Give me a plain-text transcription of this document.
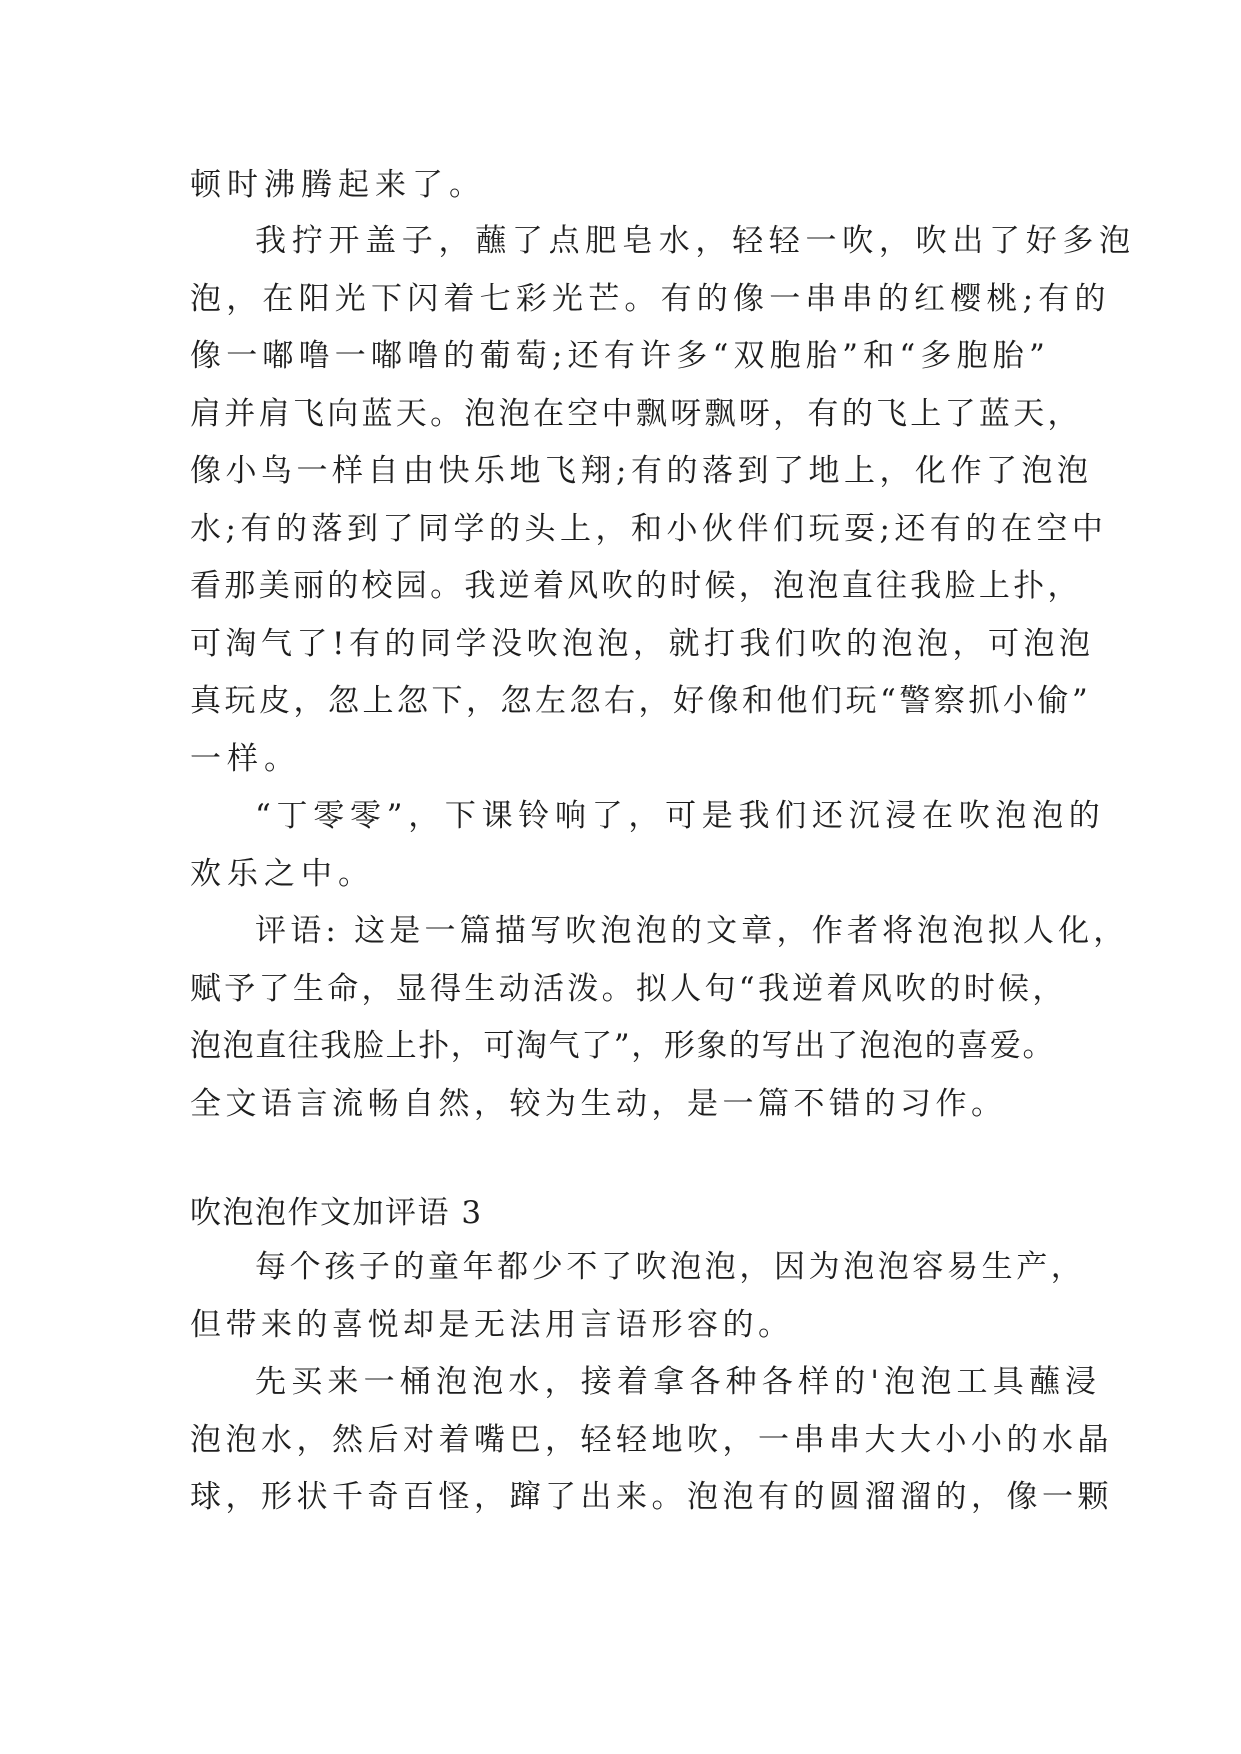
顿时沸腾起来了。
我拧开盖子，蘸了点肥皂水，轻轻一吹，吹出了好多泡
泡，在阳光下闪着七彩光芒。有的像一串串的红樱桃;有的
像一嘟噜一嘟噜的葡萄;还有许多“双胞胎”和“多胞胎”
肩并肩飞向蓝天。泡泡在空中飘呀飘呀，有的飞上了蓝天，
像小鸟一样自由快乐地飞翔;有的落到了地上，化作了泡泡
水;有的落到了同学的头上，和小伙伴们玩耍;还有的在空中
看那美丽的校园。我逆着风吹的时候，泡泡直往我脸上扑，
可淘气了!有的同学没吹泡泡，就打我们吹的泡泡，可泡泡
真玩皮，忽上忽下，忽左忽右，好像和他们玩“警察抓小偷”
一样。
“丁零零”，下课铃响了，可是我们还沉浸在吹泡泡的
欢乐之中。
评语: 这是一篇描写吹泡泡的文章，作者将泡泡拟人化，
赋予了生命，显得生动活泼。拟人句“我逆着风吹的时候，
泡泡直往我脸上扑，可淘气了”，形象的写出了泡泡的喜爱。
全文语言流畅自然，较为生动，是一篇不错的习作。
吹泡泡作文加评语 3
每个孩子的童年都少不了吹泡泡，因为泡泡容易生产，
但带来的喜悦却是无法用言语形容的。
先买来一桶泡泡水，接着拿各种各样的'泡泡工具蘸浸
泡泡水，然后对着嘴巴，轻轻地吹，一串串大大小小的水晶
球，形状千奇百怪，蹿了出来。泡泡有的圆溜溜的，像一颗
